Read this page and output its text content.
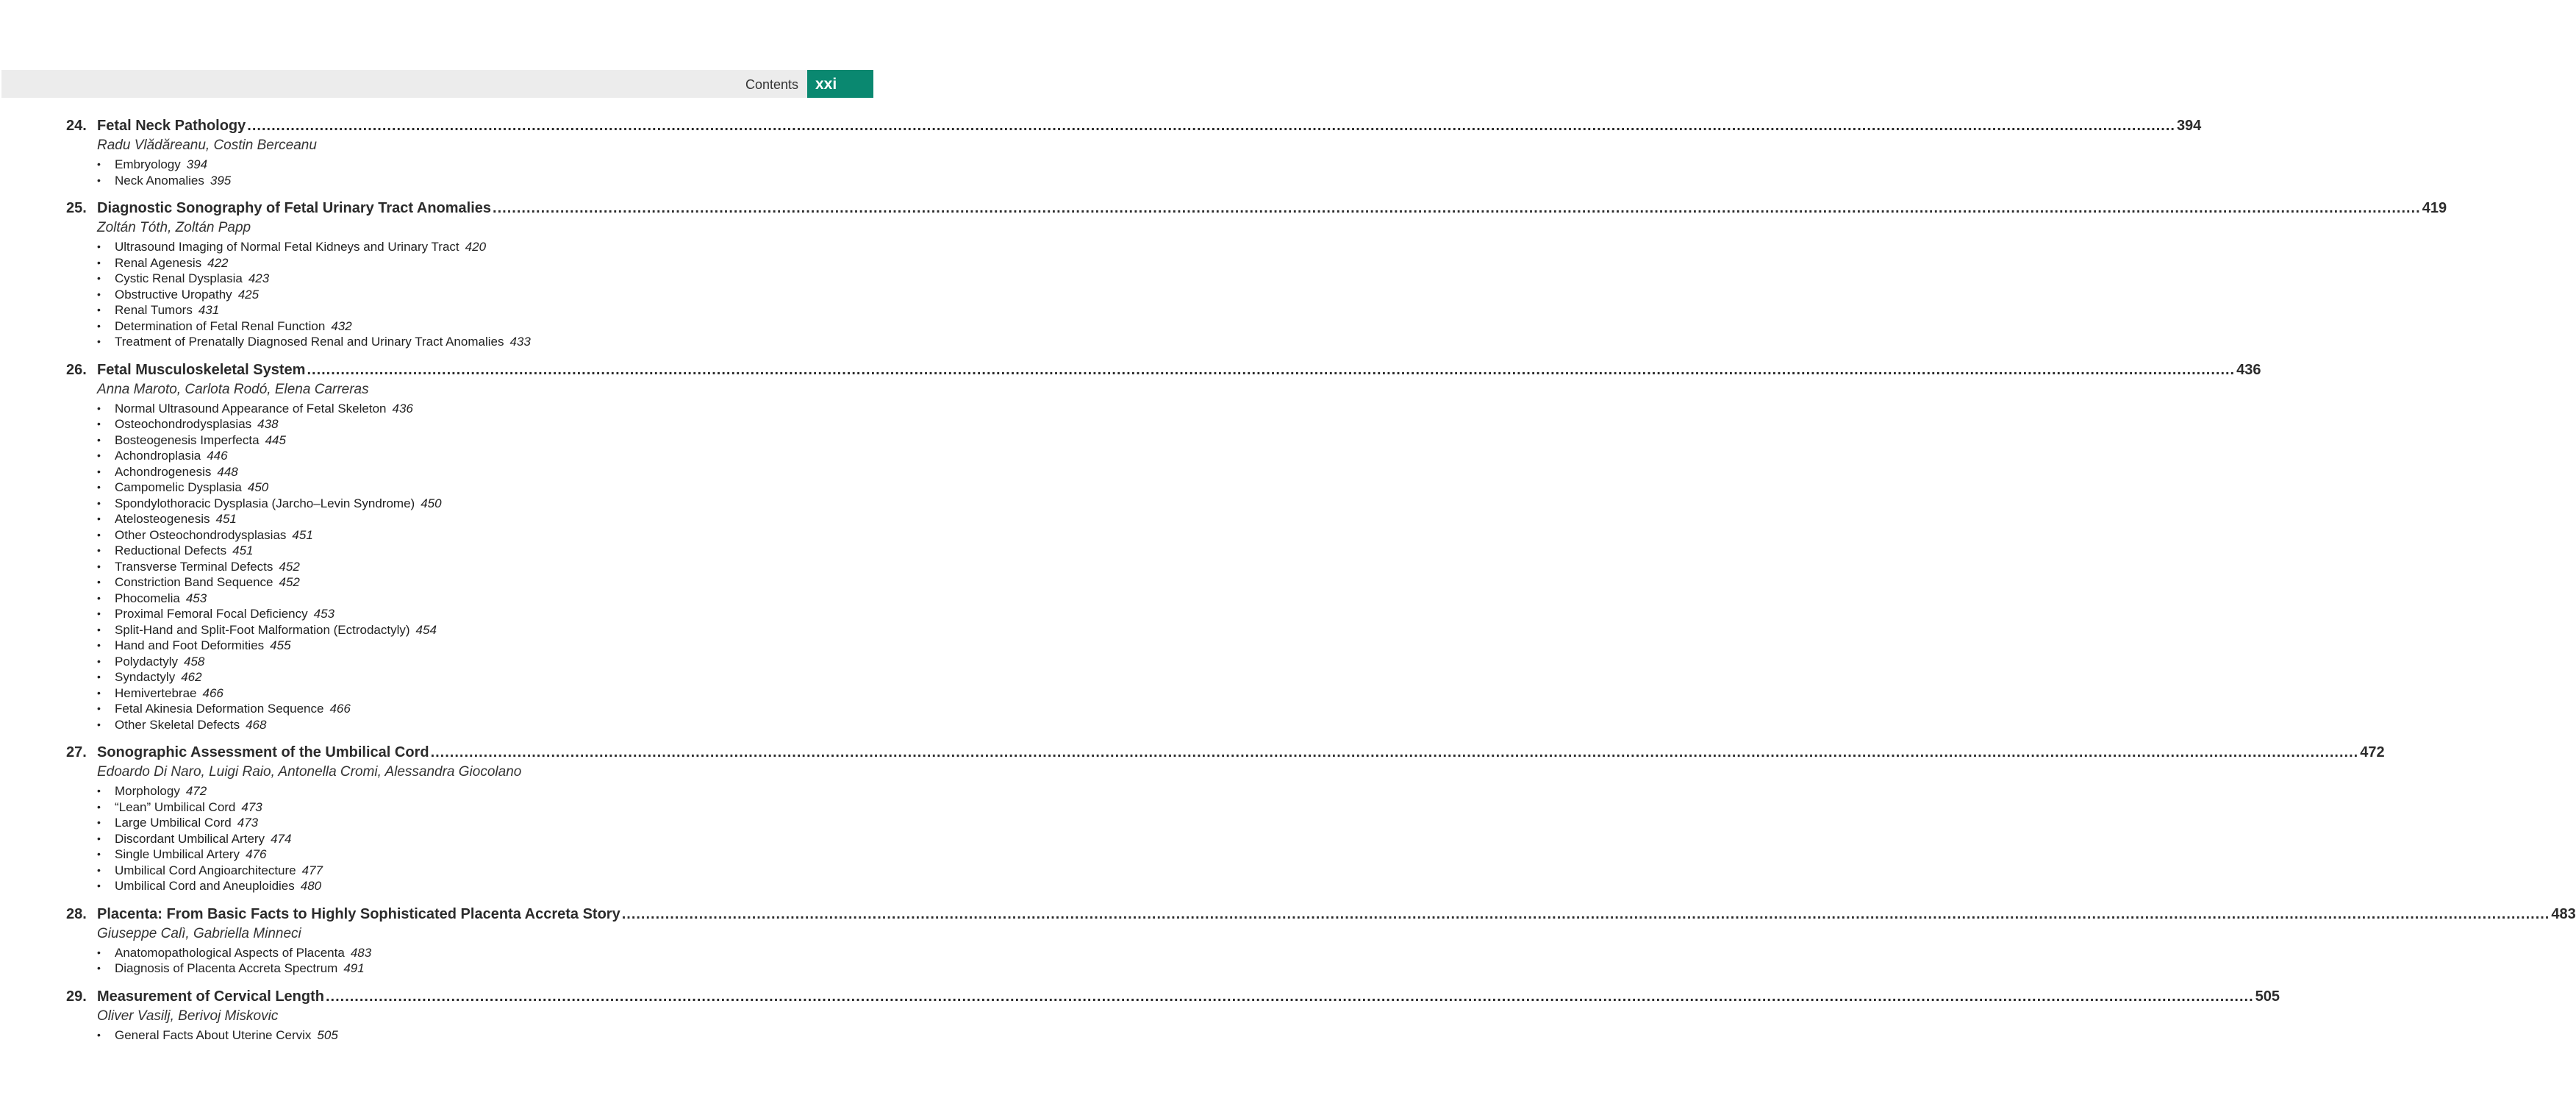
Contents	xxi
24. Fetal Neck Pathology ................................................................................................................................................................................................................................................................................................................................................................................................................ 394
Radu Vlădăreanu, Costin Berceanu
• Embryology 394
• Neck Anomalies 395
25. Diagnostic Sonography of Fetal Urinary Tract Anomalies ................................................................................................................................................................................................................................................................................................................................................................................................................ 419
Zoltán Tóth, Zoltán Papp
• Ultrasound Imaging of Normal Fetal Kidneys and Urinary Tract 420
• Renal Agenesis 422
• Cystic Renal Dysplasia 423
• Obstructive Uropathy 425
• Renal Tumors 431
• Determination of Fetal Renal Function 432
• Treatment of Prenatally Diagnosed Renal and Urinary Tract Anomalies 433
26. Fetal Musculoskeletal System ................................................................................................................................................................................................................................................................................................................................................................................................................ 436
Anna Maroto, Carlota Rodó, Elena Carreras
• Normal Ultrasound Appearance of Fetal Skeleton 436
• Osteochondrodysplasias 438
• Bosteogenesis Imperfecta 445
• Achondroplasia 446
• Achondrogenesis 448
• Campomelic Dysplasia 450
• Spondylothoracic Dysplasia (Jarcho–Levin Syndrome) 450
• Atelosteogenesis 451
• Other Osteochondrodysplasias 451
• Reductional Defects 451
• Transverse Terminal Defects 452
• Constriction Band Sequence 452
• Phocomelia 453
• Proximal Femoral Focal Deficiency 453
• Split-Hand and Split-Foot Malformation (Ectrodactyly) 454
• Hand and Foot Deformities 455
• Polydactyly 458
• Syndactyly 462
• Hemivertebrae 466
• Fetal Akinesia Deformation Sequence 466
• Other Skeletal Defects 468
27. Sonographic Assessment of the Umbilical Cord ................................................................................................................................................................................................................................................................................................................................................................................................................ 472
Edoardo Di Naro, Luigi Raio, Antonella Cromi, Alessandra Giocolano
• Morphology 472
• “Lean” Umbilical Cord 473
• Large Umbilical Cord 473
• Discordant Umbilical Artery 474
• Single Umbilical Artery 476
• Umbilical Cord Angioarchitecture 477
• Umbilical Cord and Aneuploidies 480
28. Placenta: From Basic Facts to Highly Sophisticated Placenta Accreta Story ................................................................................................................................................................................................................................................................................................................................................................................................................ 483
Giuseppe Calì, Gabriella Minneci
• Anatomopathological Aspects of Placenta 483
• Diagnosis of Placenta Accreta Spectrum 491
29. Measurement of Cervical Length ................................................................................................................................................................................................................................................................................................................................................................................................................ 505
Oliver Vasilj, Berivoj Miskovic
• General Facts About Uterine Cervix 505
